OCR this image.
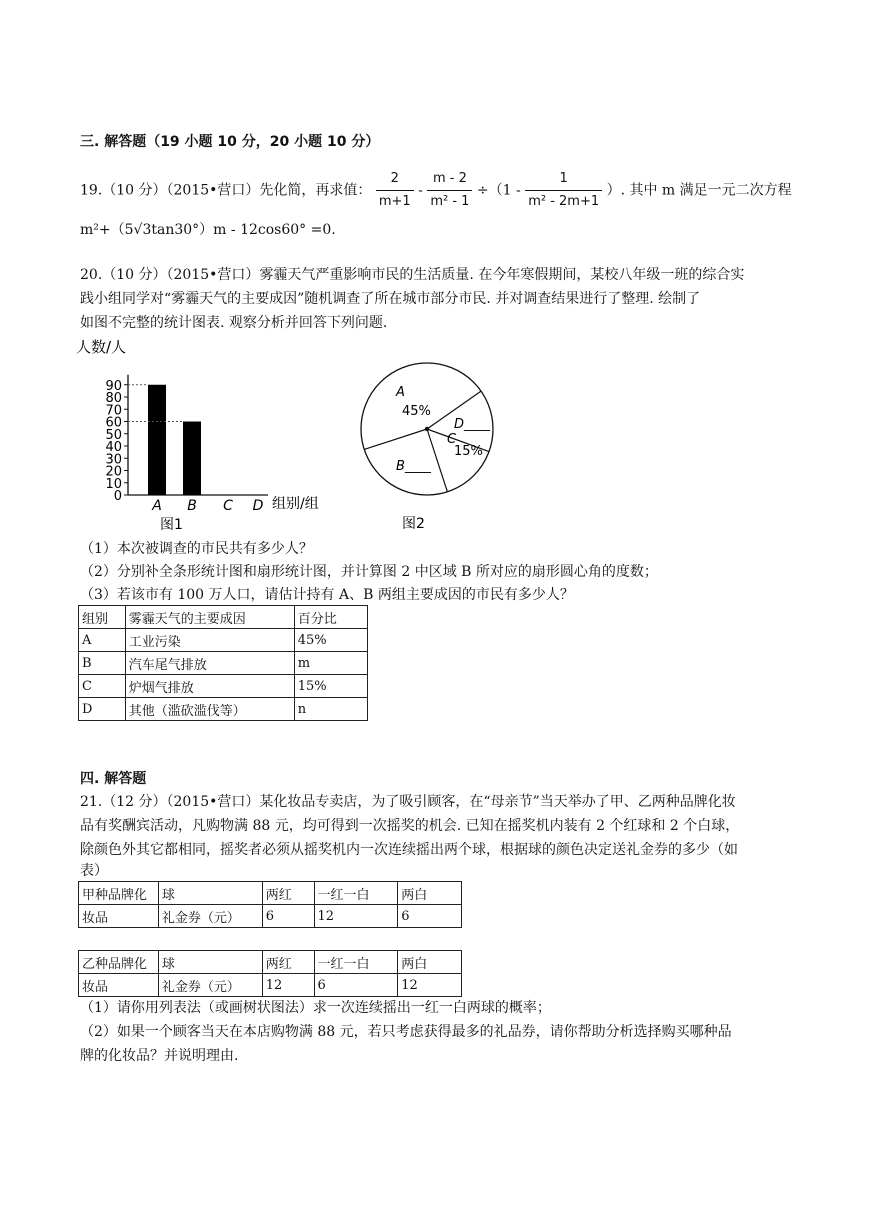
三. 解答题（19 小题 10 分，20 小题 10 分）
19.（10 分）（2015•营口）先化简，再求值： $\frac{2}{m+1} - \frac{m - 2}{\text{m² - 1}} \div(1 - \frac{1}{\text{m² - 2m+1}}$ ）. 其中 m 满足一元二次方程
m²+（5√3tan30°）m - 12cos60° =0.
20.（10 分）（2015•营口）雾霾天气严重影响市民的生活质量. 在今年寒假期间，某校八年级一班的综合实
践小组同学对“雾霾天气的主要成因”随机调查了所在城市部分市民. 并对调查结果进行了整理. 绘制了
如图不完整的统计图表. 观察分析并回答下列问题.
人数/人
0
10
20
30
40
50
60
70
80
90
A B C D 组别/组
图1
A
45%
B____
C
15%
D____
图2
（1）本次被调查的市民共有多少人？
（2）分别补全条形统计图和扇形统计图，并计算图 2 中区域 B 所对应的扇形圆心角的度数；
（3）若该市有 100 万人口，请估计持有 A、B 两组主要成因的市民有多少人？
组别	雾霾天气的主要成因	百分比
A	工业污染	45%
B	汽车尾气排放	m
C	炉烟气排放	15%
D	其他（滥砍滥伐等）	n
四. 解答题
21.（12 分）（2015•营口）某化妆品专卖店，为了吸引顾客，在“母亲节”当天举办了甲、乙两种品牌化妆
品有奖酬宾活动，凡购物满 88 元，均可得到一次摇奖的机会. 已知在摇奖机内装有 2 个红球和 2 个白球，
除颜色外其它都相同，摇奖者必须从摇奖机内一次连续摇出两个球，根据球的颜色决定送礼金券的多少（如
表）
甲种品牌化	球	两红	一红一白	两白
妆品	礼金券（元）	6	12	6
乙种品牌化	球	两红	一红一白	两白
妆品	礼金券（元）	12	6	12
（1）请你用列表法（或画树状图法）求一次连续摇出一红一白两球的概率；
（2）如果一个顾客当天在本店购物满 88 元，若只考虑获得最多的礼品券，请你帮助分析选择购买哪种品
牌的化妆品？并说明理由.
